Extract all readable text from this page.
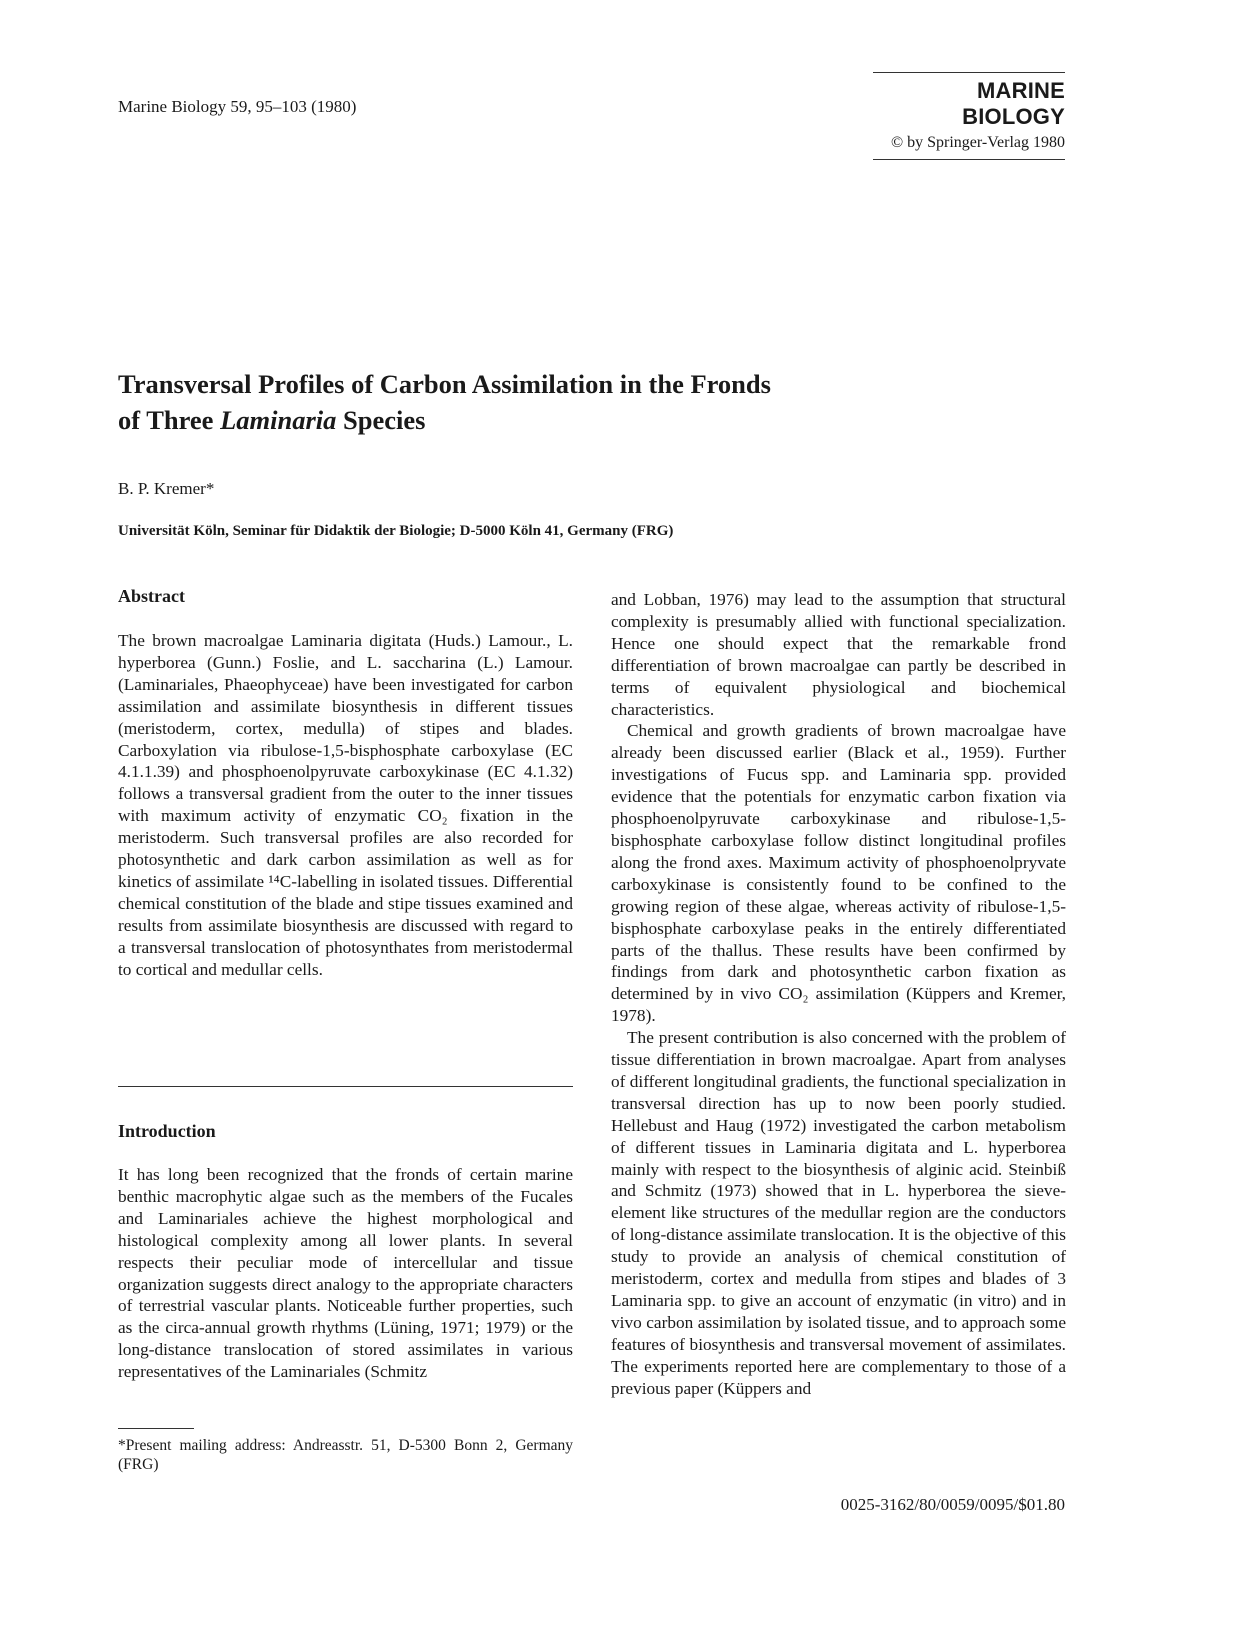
Marine Biology 59, 95–103 (1980)
MARINE BIOLOGY
© by Springer-Verlag 1980
Transversal Profiles of Carbon Assimilation in the Fronds
of Three Laminaria Species
B. P. Kremer*
Universität Köln, Seminar für Didaktik der Biologie; D-5000 Köln 41, Germany (FRG)
Abstract

The brown macroalgae Laminaria digitata (Huds.) Lamour., L. hyperborea (Gunn.) Foslie, and L. saccharina (L.) Lamour. (Laminariales, Phaeophyceae) have been investigated for carbon assimilation and assimilate biosynthesis in different tissues (meristoderm, cortex, medulla) of stipes and blades. Carboxylation via ribulose-1,5-bisphosphate carboxylase (EC 4.1.1.39) and phosphoenolpyruvate carboxykinase (EC 4.1.32) follows a transversal gradient from the outer to the inner tissues with maximum activity of enzymatic CO₂ fixation in the meristoderm. Such transversal profiles are also recorded for photosynthetic and dark carbon assimilation as well as for kinetics of assimilate ¹⁴C-labelling in isolated tissues. Differential chemical constitution of the blade and stipe tissues examined and results from assimilate biosynthesis are discussed with regard to a transversal translocation of photosynthates from meristodermal to cortical and medullar cells.

Introduction

It has long been recognized that the fronds of certain marine benthic macrophytic algae such as the members of the Fucales and Laminariales achieve the highest morphological and histological complexity among all lower plants. In several respects their peculiar mode of intercellular and tissue organization suggests direct analogy to the appropriate characters of terrestrial vascular plants. Noticeable further properties, such as the circa-annual growth rhythms (Lüning, 1971; 1979) or the long-distance translocation of stored assimilates in various representatives of the Laminariales (Schmitz

*Present mailing address: Andreasstr. 51, D-5300 Bonn 2, Germany (FRG)

and Lobban, 1976) may lead to the assumption that structural complexity is presumably allied with functional specialization. Hence one should expect that the remarkable frond differentiation of brown macroalgae can partly be described in terms of equivalent physiological and biochemical characteristics.

Chemical and growth gradients of brown macroalgae have already been discussed earlier (Black et al., 1959). Further investigations of Fucus spp. and Laminaria spp. provided evidence that the potentials for enzymatic carbon fixation via phosphoenolpyruvate carboxykinase and ribulose-1,5-bisphosphate carboxylase follow distinct longitudinal profiles along the frond axes. Maximum activity of phosphoenolpryvate carboxykinase is consistently found to be confined to the growing region of these algae, whereas activity of ribulose-1,5-bisphosphate carboxylase peaks in the entirely differentiated parts of the thallus. These results have been confirmed by findings from dark and photosynthetic carbon fixation as determined by in vivo CO₂ assimilation (Küppers and Kremer, 1978).

The present contribution is also concerned with the problem of tissue differentiation in brown macroalgae. Apart from analyses of different longitudinal gradients, the functional specialization in transversal direction has up to now been poorly studied. Hellebust and Haug (1972) investigated the carbon metabolism of different tissues in Laminaria digitata and L. hyperborea mainly with respect to the biosynthesis of alginic acid. Steinbiß and Schmitz (1973) showed that in L. hyperborea the sieve-element like structures of the medullar region are the conductors of long-distance assimilate translocation. It is the objective of this study to provide an analysis of chemical constitution of meristoderm, cortex and medulla from stipes and blades of 3 Laminaria spp. to give an account of enzymatic (in vitro) and in vivo carbon assimilation by isolated tissue, and to approach some features of biosynthesis and transversal movement of assimilates. The experiments reported here are complementary to those of a previous paper (Küppers and

0025-3162/80/0059/0095/$01.80
